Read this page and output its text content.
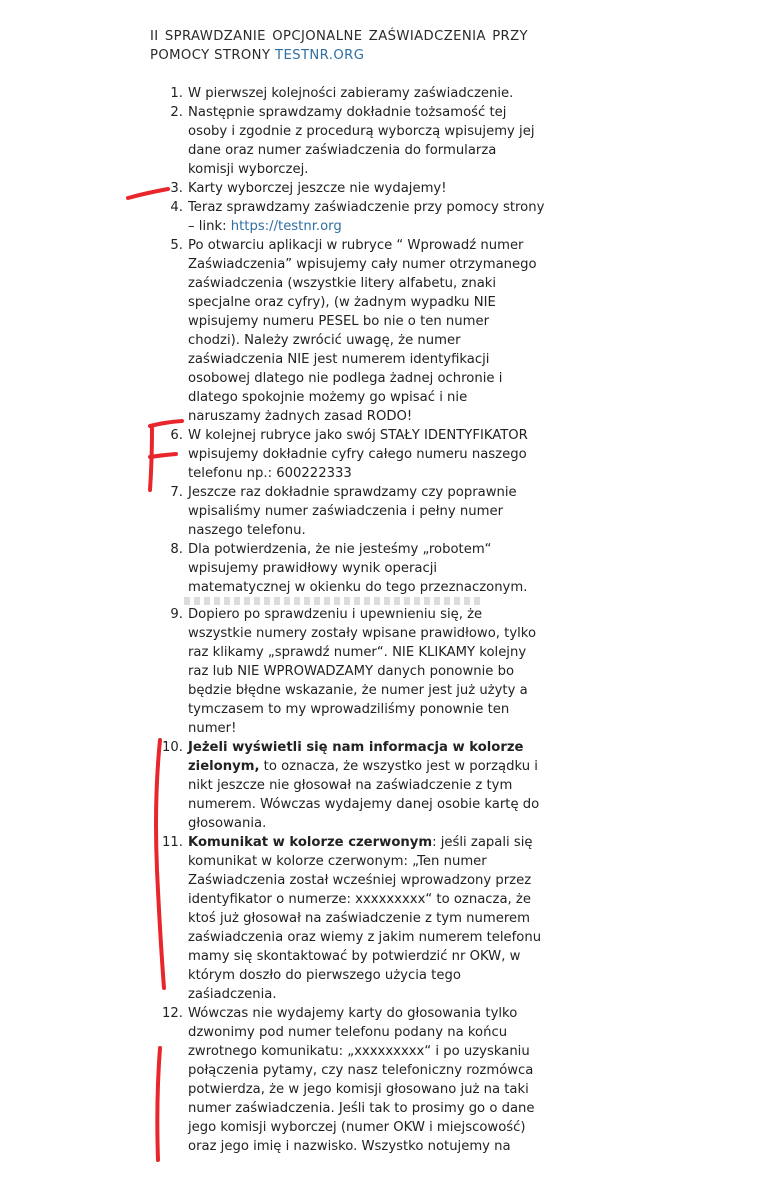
II SPRAWDZANIE OPCJONALNE ZAŚWIADCZENIA PRZY
POMOCY STRONY TESTNR.ORG
1. W pierwszej kolejności zabieramy zaświadczenie.
2. Następnie sprawdzamy dokładnie tożsamość tej
osoby i zgodnie z procedurą wyborczą wpisujemy jej
dane oraz numer zaświadczenia do formularza
komisji wyborczej.
3. Karty wyborczej jeszcze nie wydajemy!
4. Teraz sprawdzamy zaświadczenie przy pomocy strony
– link: https://testnr.org
5. Po otwarciu aplikacji w rubryce “ Wprowadź numer
Zaświadczenia” wpisujemy cały numer otrzymanego
zaświadczenia (wszystkie litery alfabetu, znaki
specjalne oraz cyfry), (w żadnym wypadku NIE
wpisujemy numeru PESEL bo nie o ten numer
chodzi). Należy zwrócić uwagę, że numer
zaświadczenia NIE jest numerem identyfikacji
osobowej dlatego nie podlega żadnej ochronie i
dlatego spokojnie możemy go wpisać i nie
naruszamy żadnych zasad RODO!
6. W kolejnej rubryce jako swój STAŁY IDENTYFIKATOR
wpisujemy dokładnie cyfry całego numeru naszego
telefonu np.: 600222333
7. Jeszcze raz dokładnie sprawdzamy czy poprawnie
wpisaliśmy numer zaświadczenia i pełny numer
naszego telefonu.
8. Dla potwierdzenia, że nie jesteśmy „robotem“
wpisujemy prawidłowy wynik operacji
matematycznej w okienku do tego przeznaczonym.
9. Dopiero po sprawdzeniu i upewnieniu się, że
wszystkie numery zostały wpisane prawidłowo, tylko
raz klikamy „sprawdź numer“. NIE KLIKAMY kolejny
raz lub NIE WPROWADZAMY danych ponownie bo
będzie błędne wskazanie, że numer jest już użyty a
tymczasem to my wprowadziliśmy ponownie ten
numer!
10. Jeżeli wyświetli się nam informacja w kolorze
zielonym, to oznacza, że wszystko jest w porządku i
nikt jeszcze nie głosował na zaświadczenie z tym
numerem. Wówczas wydajemy danej osobie kartę do
głosowania.
11. Komunikat w kolorze czerwonym: jeśli zapali się
komunikat w kolorze czerwonym: „Ten numer
Zaświadczenia został wcześniej wprowadzony przez
identyfikator o numerze: xxxxxxxxx“ to oznacza, że
ktoś już głosował na zaświadczenie z tym numerem
zaświadczenia oraz wiemy z jakim numerem telefonu
mamy się skontaktować by potwierdzić nr OKW, w
którym doszło do pierwszego użycia tego
zaśiadczenia.
12. Wówczas nie wydajemy karty do głosowania tylko
dzwonimy pod numer telefonu podany na końcu
zwrotnego komunikatu: „xxxxxxxxx“ i po uzyskaniu
połączenia pytamy, czy nasz telefoniczny rozmówca
potwierdza, że w jego komisji głosowano już na taki
numer zaświadczenia. Jeśli tak to prosimy go o dane
jego komisji wyborczej (numer OKW i miejscowość)
oraz jego imię i nazwisko. Wszystko notujemy na
